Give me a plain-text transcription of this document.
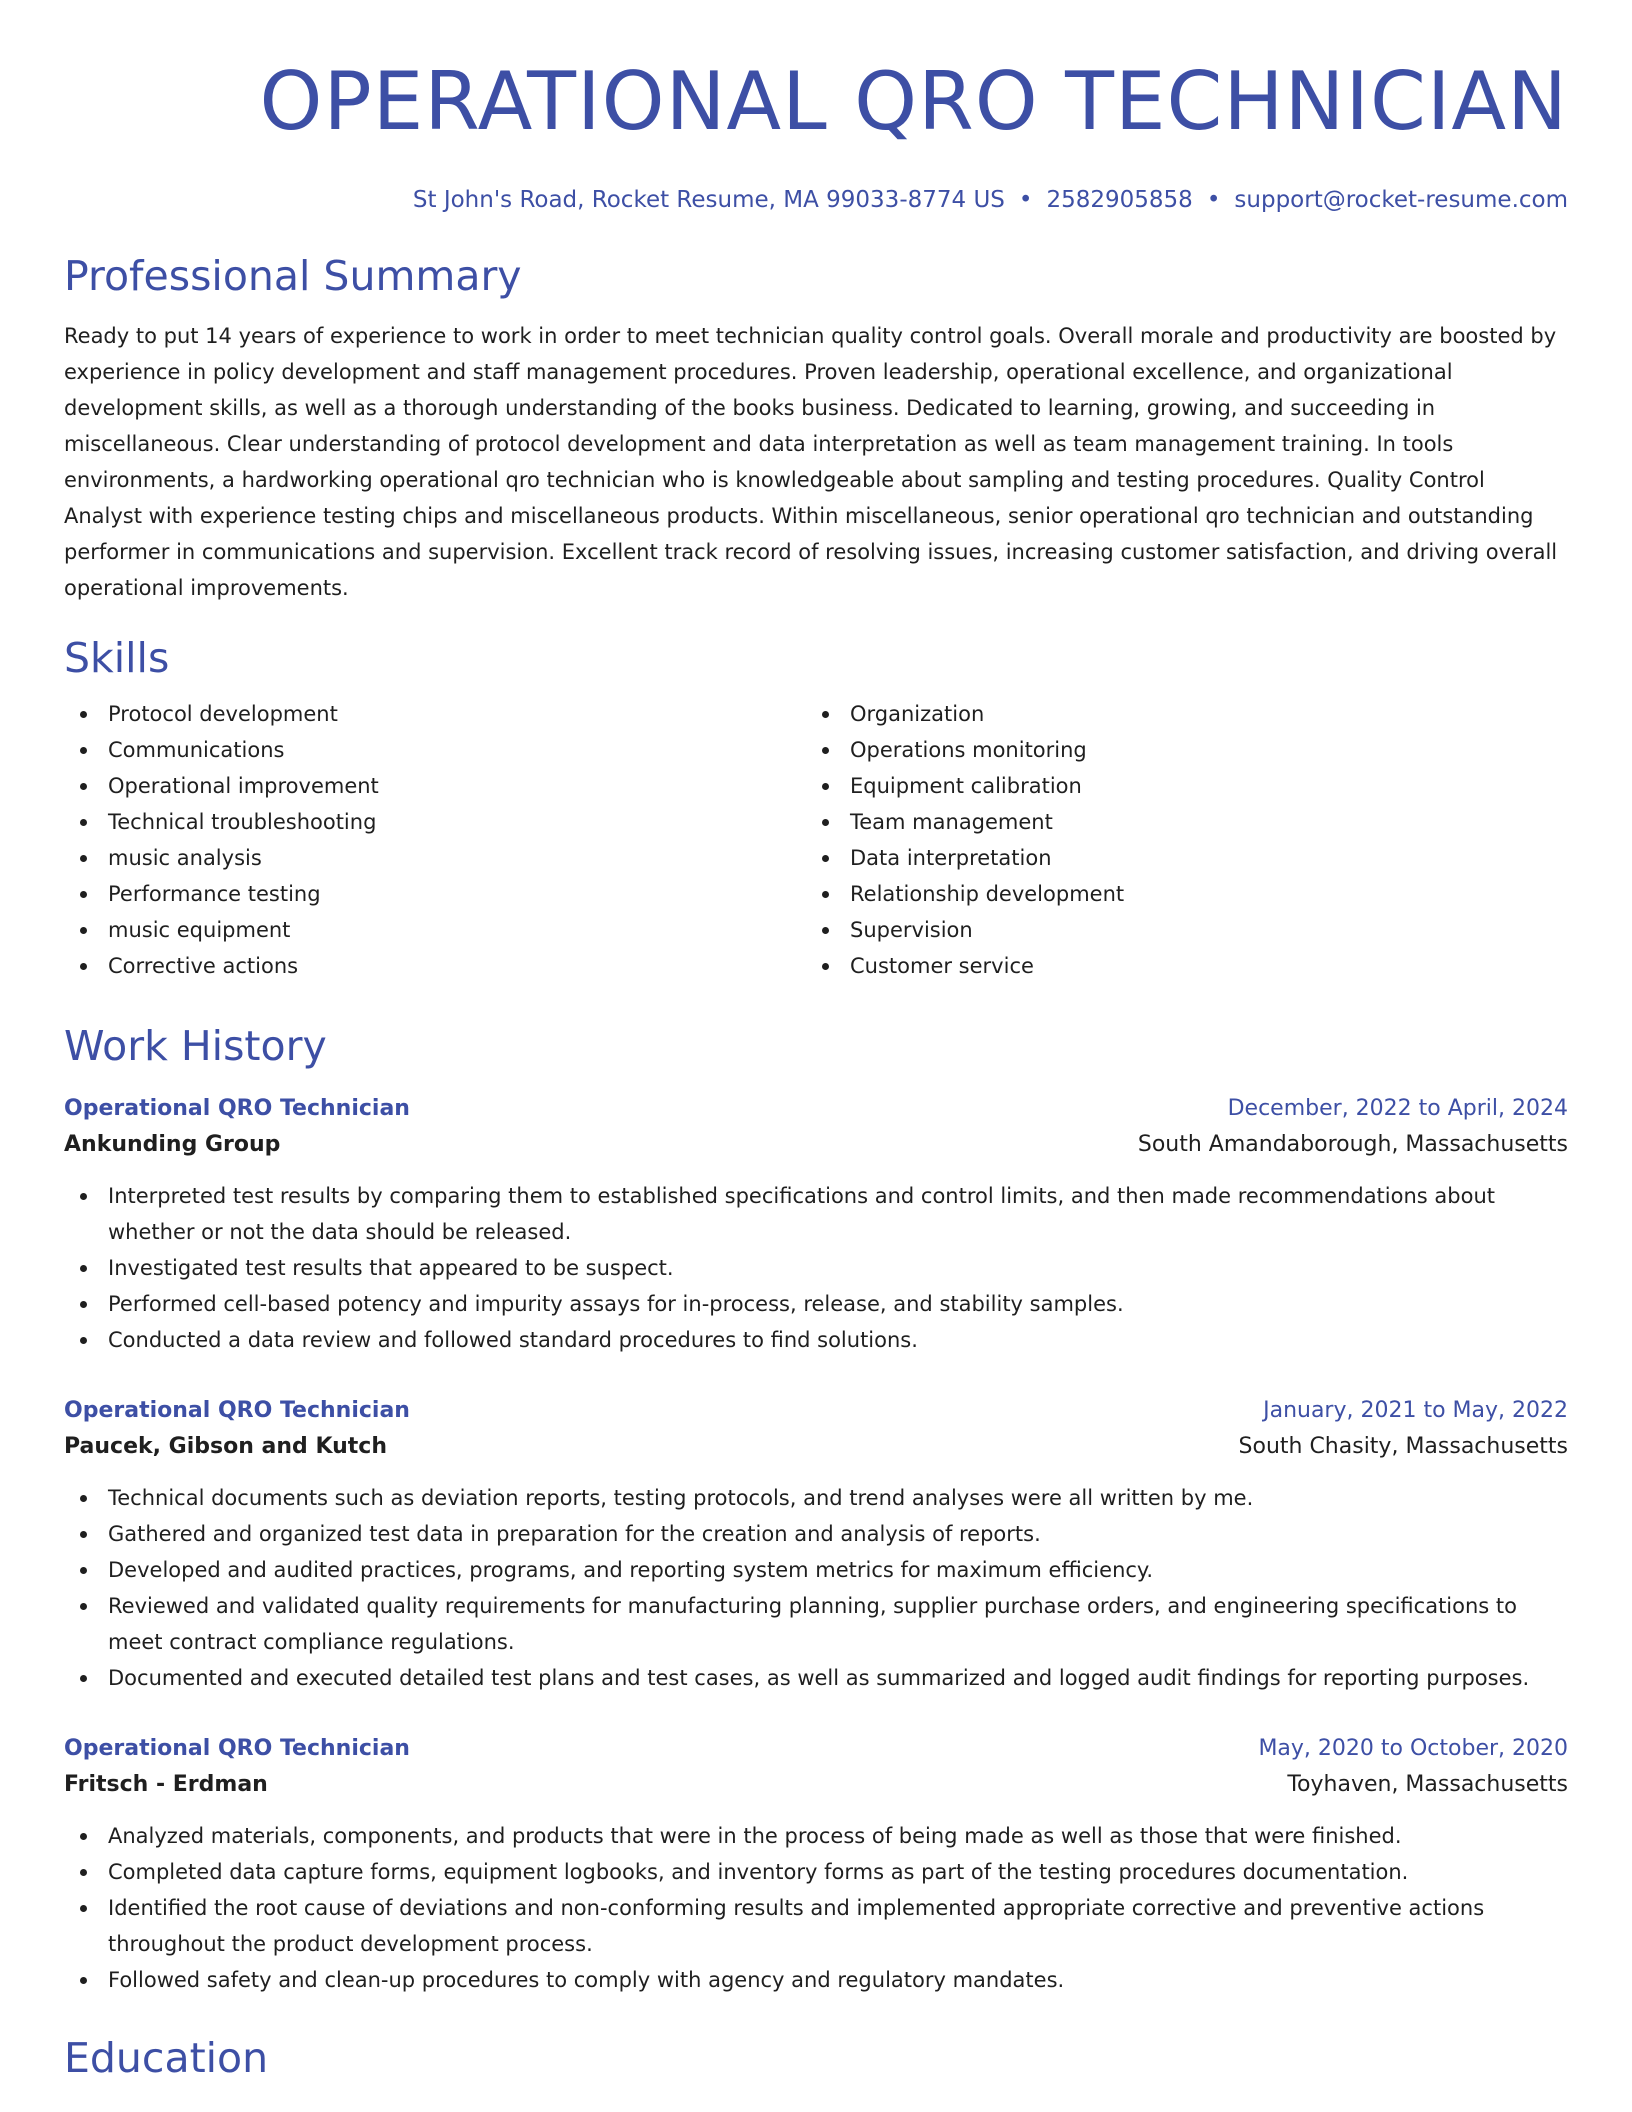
OPERATIONAL QRO TECHNICIAN
St John's Road, Rocket Resume, MA 99033-8774 US • 2582905858 • support@rocket-resume.com
Professional Summary

Ready to put 14 years of experience to work in order to meet technician quality control goals. Overall morale and productivity are boosted by experience in policy development and staff management procedures. Proven leadership, operational excellence, and organizational development skills, as well as a thorough understanding of the books business. Dedicated to learning, growing, and succeeding in miscellaneous. Clear understanding of protocol development and data interpretation as well as team management training. In tools environments, a hardworking operational qro technician who is knowledgeable about sampling and testing procedures. Quality Control Analyst with experience testing chips and miscellaneous products. Within miscellaneous, senior operational qro technician and outstanding performer in communications and supervision. Excellent track record of resolving issues, increasing customer satisfaction, and driving overall operational improvements.

Skills
Protocol development
Communications
Operational improvement
Technical troubleshooting
music analysis
Performance testing
music equipment
Corrective actions
Organization
Operations monitoring
Equipment calibration
Team management
Data interpretation
Relationship development
Supervision
Customer service
Work History
Operational QRO Technician	December, 2022 to April, 2024
Ankunding Group	South Amandaborough, Massachusetts
Interpreted test results by comparing them to established specifications and control limits, and then made recommendations about whether or not the data should be released.
Investigated test results that appeared to be suspect.
Performed cell-based potency and impurity assays for in-process, release, and stability samples.
Conducted a data review and followed standard procedures to find solutions.
Operational QRO Technician	January, 2021 to May, 2022
Paucek, Gibson and Kutch	South Chasity, Massachusetts
Technical documents such as deviation reports, testing protocols, and trend analyses were all written by me.
Gathered and organized test data in preparation for the creation and analysis of reports.
Developed and audited practices, programs, and reporting system metrics for maximum efficiency.
Reviewed and validated quality requirements for manufacturing planning, supplier purchase orders, and engineering specifications to meet contract compliance regulations.
Documented and executed detailed test plans and test cases, as well as summarized and logged audit findings for reporting purposes.
Operational QRO Technician	May, 2020 to October, 2020
Fritsch - Erdman	Toyhaven, Massachusetts
Analyzed materials, components, and products that were in the process of being made as well as those that were finished.
Completed data capture forms, equipment logbooks, and inventory forms as part of the testing procedures documentation.
Identified the root cause of deviations and non-conforming results and implemented appropriate corrective and preventive actions throughout the product development process.
Followed safety and clean-up procedures to comply with agency and regulatory mandates.
Education
